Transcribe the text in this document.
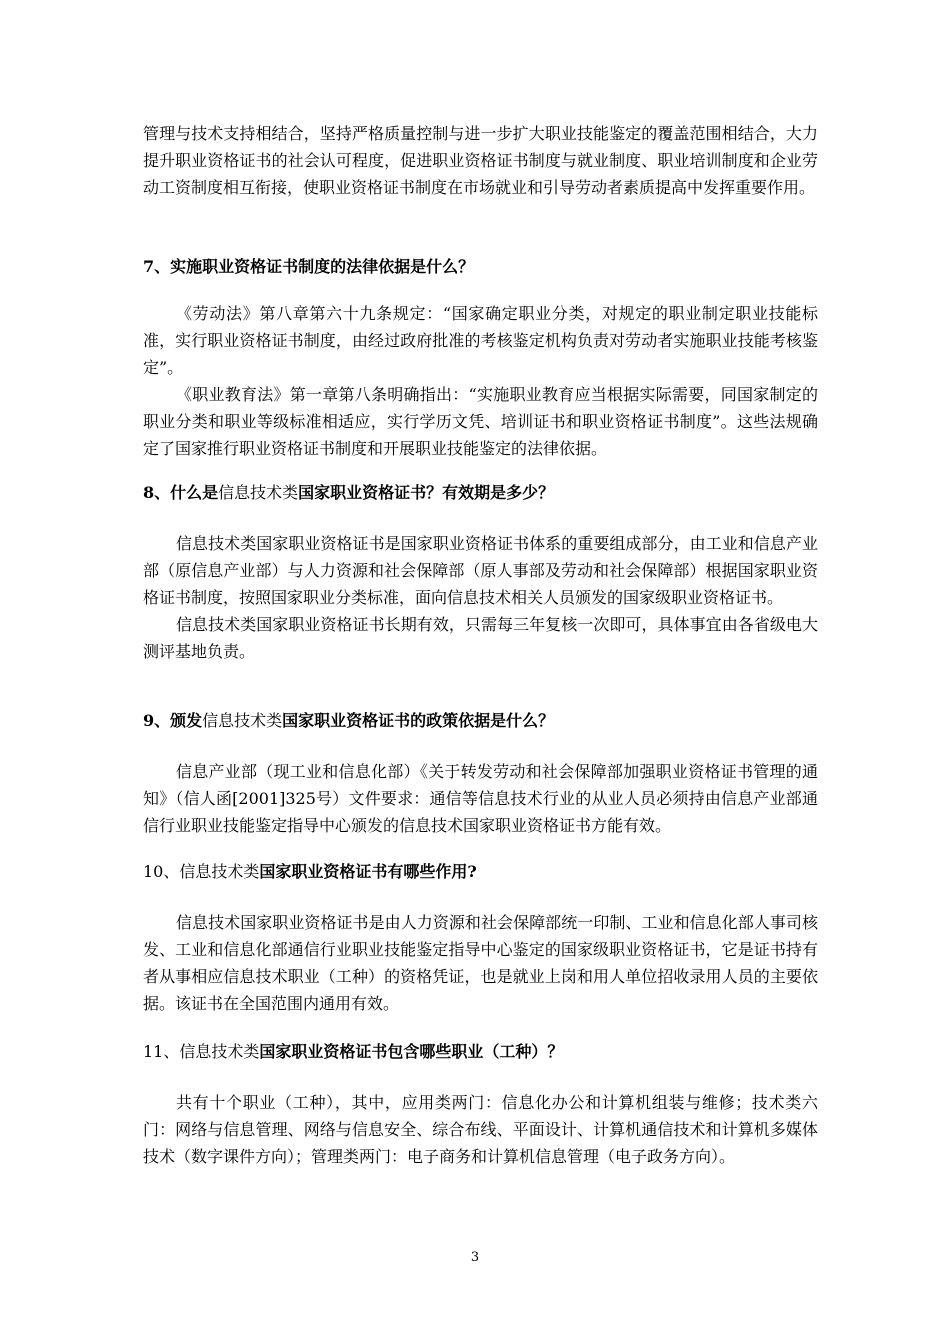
管理与技术支持相结合，坚持严格质量控制与进一步扩大职业技能鉴定的覆盖范围相结合，大力提升职业资格证书的社会认可程度，促进职业资格证书制度与就业制度、职业培训制度和企业劳动工资制度相互衔接，使职业资格证书制度在市场就业和引导劳动者素质提高中发挥重要作用。

7、实施职业资格证书制度的法律依据是什么？

《劳动法》第八章第六十九条规定：“国家确定职业分类，对规定的职业制定职业技能标准，实行职业资格证书制度，由经过政府批准的考核鉴定机构负责对劳动者实施职业技能考核鉴定”。

《职业教育法》第一章第八条明确指出：“实施职业教育应当根据实际需要，同国家制定的职业分类和职业等级标准相适应，实行学历文凭、培训证书和职业资格证书制度”。这些法规确定了国家推行职业资格证书制度和开展职业技能鉴定的法律依据。

8、什么是信息技术类国家职业资格证书？有效期是多少？

信息技术类国家职业资格证书是国家职业资格证书体系的重要组成部分，由工业和信息产业部（原信息产业部）与人力资源和社会保障部（原人事部及劳动和社会保障部）根据国家职业资格证书制度，按照国家职业分类标准，面向信息技术相关人员颁发的国家级职业资格证书。

信息技术类国家职业资格证书长期有效，只需每三年复核一次即可，具体事宜由各省级电大测评基地负责。

9、颁发信息技术类国家职业资格证书的政策依据是什么？

信息产业部（现工业和信息化部）《关于转发劳动和社会保障部加强职业资格证书管理的通知》（信人函[2001]325号）文件要求：通信等信息技术行业的从业人员必须持由信息产业部通信行业职业技能鉴定指导中心颁发的信息技术国家职业资格证书方能有效。

10、信息技术类国家职业资格证书有哪些作用?

信息技术国家职业资格证书是由人力资源和社会保障部统一印制、工业和信息化部人事司核发、工业和信息化部通信行业职业技能鉴定指导中心鉴定的国家级职业资格证书，它是证书持有者从事相应信息技术职业（工种）的资格凭证，也是就业上岗和用人单位招收录用人员的主要依据。该证书在全国范围内通用有效。

11、信息技术类国家职业资格证书包含哪些职业（工种）？

共有十个职业（工种），其中，应用类两门：信息化办公和计算机组装与维修；技术类六门：网络与信息管理、网络与信息安全、综合布线、平面设计、计算机通信技术和计算机多媒体技术（数字课件方向）；管理类两门：电子商务和计算机信息管理（电子政务方向）。

3
